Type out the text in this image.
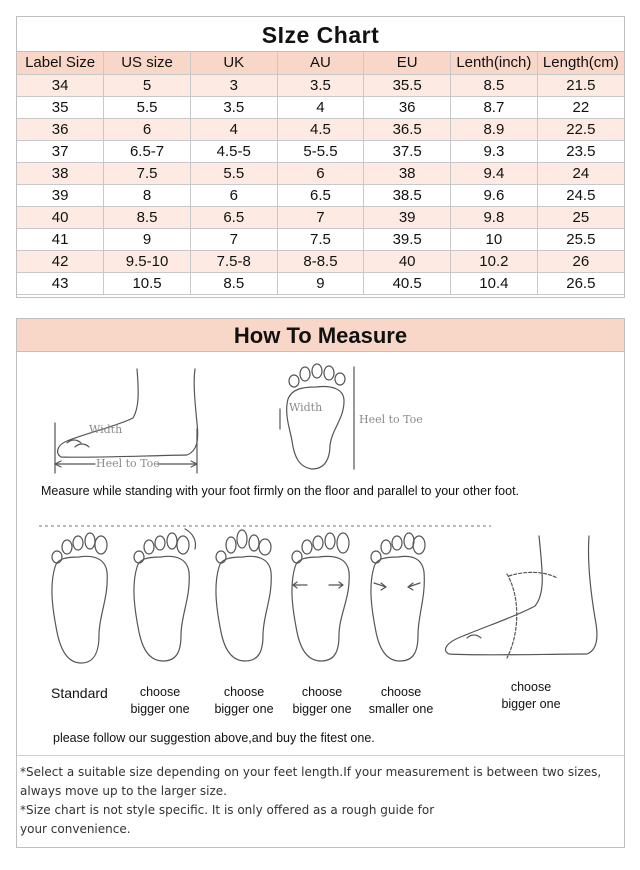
SIze Chart
Label Size	US size	UK	AU	EU	Lenth(inch)	Length(cm)
34	5	3	3.5	35.5	8.5	21.5
35	5.5	3.5	4	36	8.7	22
36	6	4	4.5	36.5	8.9	22.5
37	6.5-7	4.5-5	5-5.5	37.5	9.3	23.5
38	7.5	5.5	6	38	9.4	24
39	8	6	6.5	38.5	9.6	24.5
40	8.5	6.5	7	39	9.8	25
41	9	7	7.5	39.5	10	25.5
42	9.5-10	7.5-8	8-8.5	40	10.2	26
43	10.5	8.5	9	40.5	10.4	26.5
How To Measure
Width
Heel to Toe
Width
Heel to Toe
Measure while standing with your foot firmly on the floor and parallel to your other foot.
Standard	choose
bigger one
choose
bigger one
choose
bigger one
choose
smaller one
choose
bigger one
please follow our suggestion above,and buy the fitest one.
*Select a suitable size depending on your feet length.If your measurement is between two sizes,
always move up to the larger size.
*Size chart is not style specific. It is only offered as a rough guide for
your convenience.
